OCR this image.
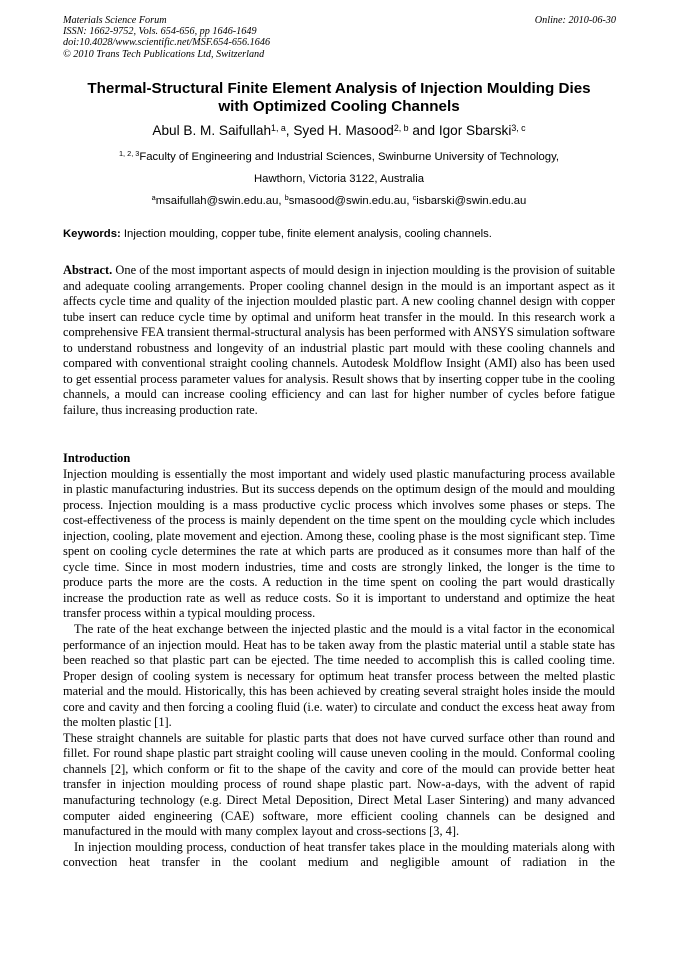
Materials Science Forum
ISSN: 1662-9752, Vols. 654-656, pp 1646-1649
doi:10.4028/www.scientific.net/MSF.654-656.1646
© 2010 Trans Tech Publications Ltd, Switzerland
Online: 2010-06-30
Thermal-Structural Finite Element Analysis of Injection Moulding Dies
with Optimized Cooling Channels
Abul B. M. Saifullah$^{1, a}$, Syed H. Masood$^{2, b}$ and Igor Sbarski$^{3, c}$
$^{1, 2, 3}$Faculty of Engineering and Industrial Sciences, Swinburne University of Technology,
Hawthorn, Victoria 3122, Australia
$^a$msaifullah@swin.edu.au, $^b$smasood@swin.edu.au, $^c$isbarski@swin.edu.au
Keywords: Injection moulding, copper tube, finite element analysis, cooling channels.

Abstract. One of the most important aspects of mould design in injection moulding is the provision of suitable and adequate cooling arrangements. Proper cooling channel design in the mould is an important aspect as it affects cycle time and quality of the injection moulded plastic part. A new cooling channel design with copper tube insert can reduce cycle time by optimal and uniform heat transfer in the mould. In this research work a comprehensive FEA transient thermal-structural analysis has been performed with ANSYS simulation software to understand robustness and longevity of an industrial plastic part mould with these cooling channels and compared with conventional straight cooling channels. Autodesk Moldflow Insight (AMI) also has been used to get essential process parameter values for analysis. Result shows that by inserting copper tube in the cooling channels, a mould can increase cooling efficiency and can last for higher number of cycles before fatigue failure, thus increasing production rate.

Introduction

Injection moulding is essentially the most important and widely used plastic manufacturing process available in plastic manufacturing industries. But its success depends on the optimum design of the mould and moulding process. Injection moulding is a mass productive cyclic process which involves some phases or steps. The cost-effectiveness of the process is mainly dependent on the time spent on the moulding cycle which includes injection, cooling, plate movement and ejection. Among these, cooling phase is the most significant step. Time spent on cooling cycle determines the rate at which parts are produced as it consumes more than half of the cycle time. Since in most modern industries, time and costs are strongly linked, the longer is the time to produce parts the more are the costs. A reduction in the time spent on cooling the part would drastically increase the production rate as well as reduce costs. So it is important to understand and optimize the heat transfer process within a typical moulding process.

The rate of the heat exchange between the injected plastic and the mould is a vital factor in the economical performance of an injection mould. Heat has to be taken away from the plastic material until a stable state has been reached so that plastic part can be ejected. The time needed to accomplish this is called cooling time. Proper design of cooling system is necessary for optimum heat transfer process between the melted plastic material and the mould. Historically, this has been achieved by creating several straight holes inside the mould core and cavity and then forcing a cooling fluid (i.e. water) to circulate and conduct the excess heat away from the molten plastic [1].

These straight channels are suitable for plastic parts that does not have curved surface other than round and fillet. For round shape plastic part straight cooling will cause uneven cooling in the mould. Conformal cooling channels [2], which conform or fit to the shape of the cavity and core of the mould can provide better heat transfer in injection moulding process of round shape plastic part. Now-a-days, with the advent of rapid manufacturing technology (e.g. Direct Metal Deposition, Direct Metal Laser Sintering) and many advanced computer aided engineering (CAE) software, more efficient cooling channels can be designed and manufactured in the mould with many complex layout and cross-sections [3, 4].

In injection moulding process, conduction of heat transfer takes place in the moulding materials along with convection heat transfer in the coolant medium and negligible amount of radiation in the
